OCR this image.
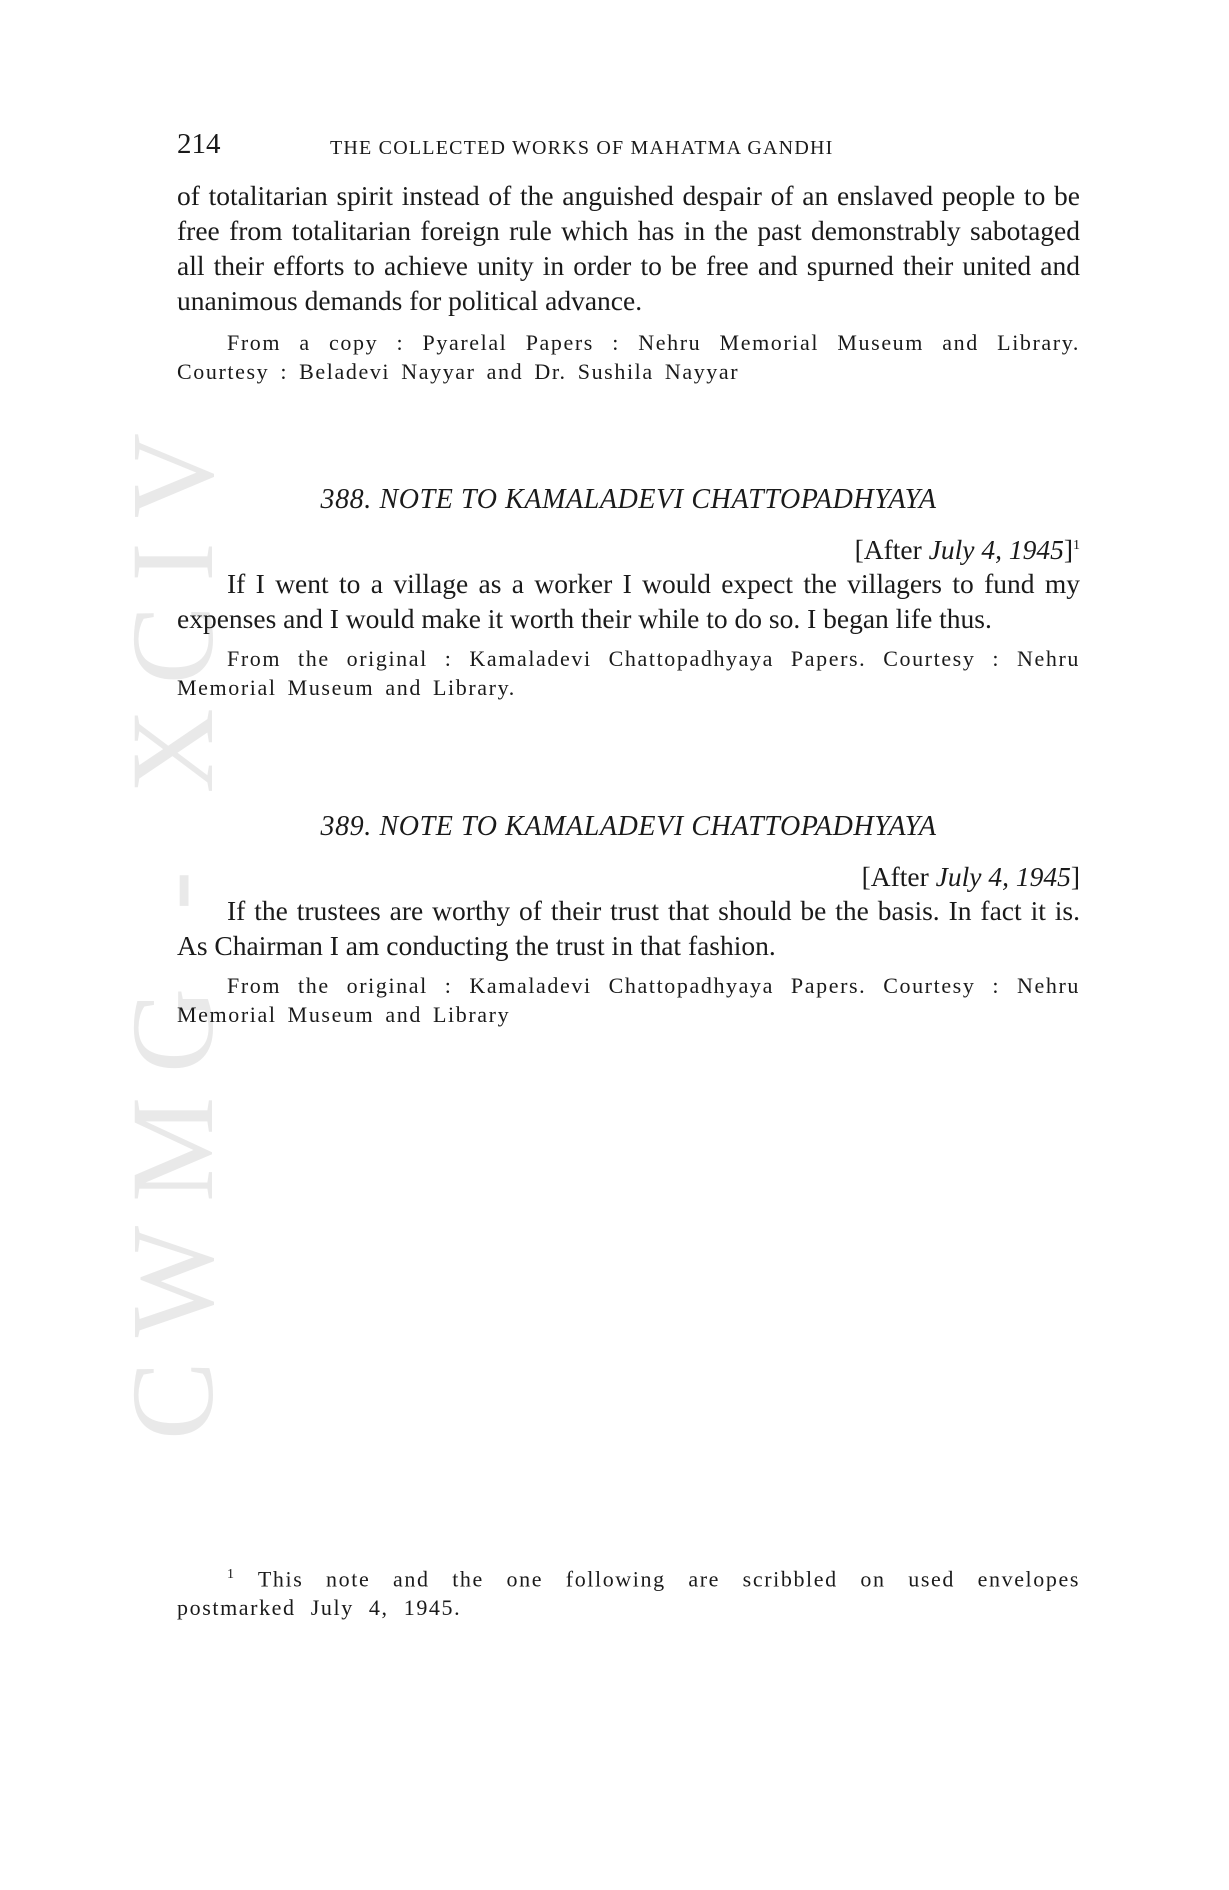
CWMG - XCIV
214	THE COLLECTED WORKS OF MAHATMA GANDHI

of totalitarian spirit instead of the anguished despair of an enslaved people to be free from totalitarian foreign rule which has in the past demonstrably sabotaged all their efforts to achieve unity in order to be free and spurned their united and unanimous demands for political advance.

From a copy : Pyarelal Papers : Nehru Memorial Museum and Library. Courtesy : Beladevi Nayyar and Dr. Sushila Nayyar

388. NOTE TO KAMALADEVI CHATTOPADHYAYA

[After July 4, 1945]$^1$

If I went to a village as a worker I would expect the villagers to fund my expenses and I would make it worth their while to do so. I began life thus.

From the original : Kamaladevi Chattopadhyaya Papers. Courtesy : Nehru Memorial Museum and Library.

389. NOTE TO KAMALADEVI CHATTOPADHYAYA

[After July 4, 1945]

If the trustees are worthy of their trust that should be the basis. In fact it is. As Chairman I am conducting the trust in that fashion.

From the original : Kamaladevi Chattopadhyaya Papers. Courtesy : Nehru Memorial Museum and Library

$^1$ This note and the one following are scribbled on used envelopes postmarked July 4, 1945.
